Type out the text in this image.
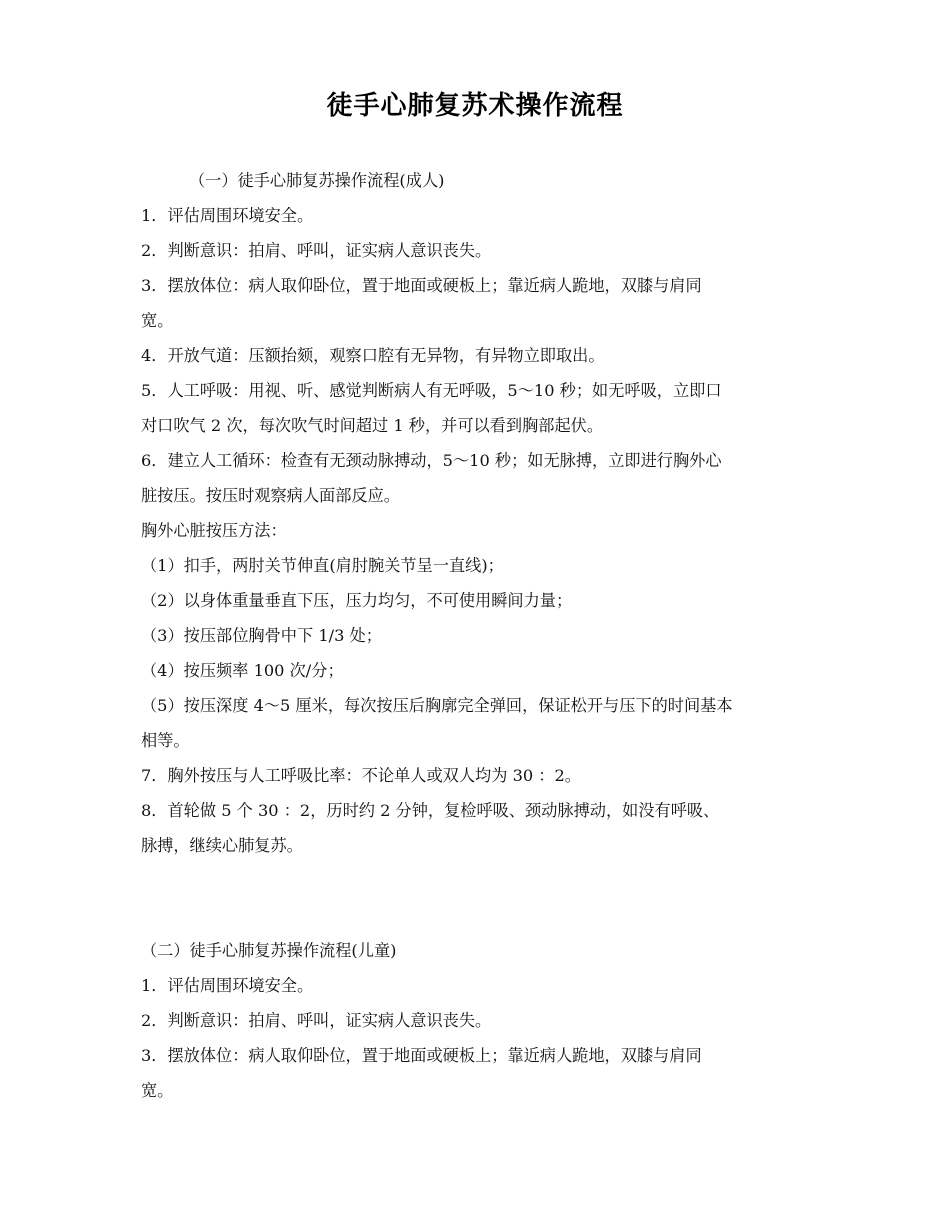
徒手心肺复苏术操作流程
（一）徒手心肺复苏操作流程(成人)
1．评估周围环境安全。
2．判断意识：拍肩、呼叫，证实病人意识丧失。
3．摆放体位：病人取仰卧位，置于地面或硬板上；靠近病人跪地，双膝与肩同
宽。
4．开放气道：压额抬颏，观察口腔有无异物，有异物立即取出。
5．人工呼吸：用视、听、感觉判断病人有无呼吸，5～10 秒；如无呼吸，立即口
对口吹气 2 次，每次吹气时间超过 1 秒，并可以看到胸部起伏。
6．建立人工循环：检查有无颈动脉搏动，5～10 秒；如无脉搏，立即进行胸外心
脏按压。按压时观察病人面部反应。
胸外心脏按压方法：
（1）扣手，两肘关节伸直(肩肘腕关节呈一直线)；
（2）以身体重量垂直下压，压力均匀，不可使用瞬间力量；
（3）按压部位胸骨中下 1/3 处；
（4）按压频率 100 次/分；
（5）按压深度 4～5 厘米，每次按压后胸廓完全弹回，保证松开与压下的时间基本
相等。
7．胸外按压与人工呼吸比率：不论单人或双人均为 30 ：2。
8．首轮做 5 个 30 ：2，历时约 2 分钟，复检呼吸、颈动脉搏动，如没有呼吸、
脉搏，继续心肺复苏。
（二）徒手心肺复苏操作流程(儿童)
1．评估周围环境安全。
2．判断意识：拍肩、呼叫，证实病人意识丧失。
3．摆放体位：病人取仰卧位，置于地面或硬板上；靠近病人跪地，双膝与肩同
宽。
